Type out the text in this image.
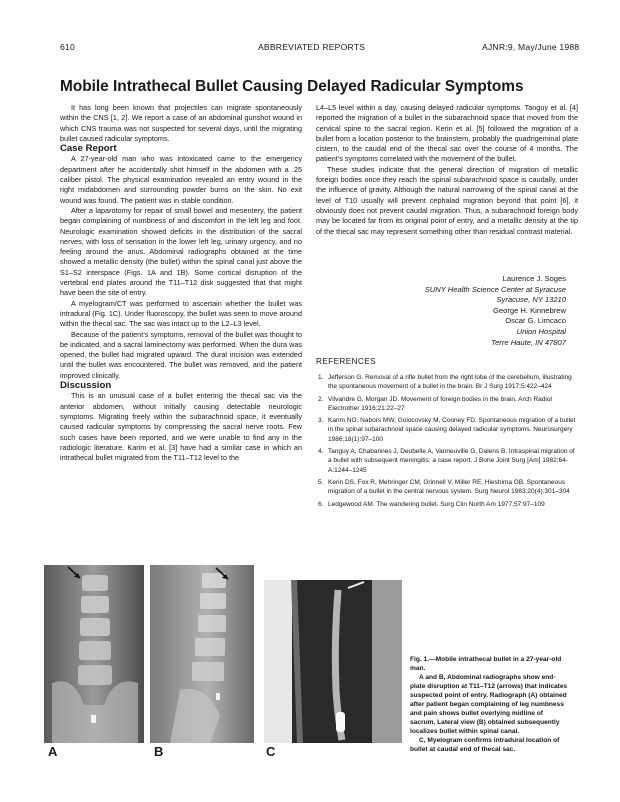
610	ABBREVIATED REPORTS	AJNR:9, May/June 1988
Mobile Intrathecal Bullet Causing Delayed Radicular Symptoms

It has long been known that projectiles can migrate spontaneously within the CNS [1, 2]. We report a case of an abdominal gunshot wound in which CNS trauma was not suspected for several days, until the migrating bullet caused radicular symptoms.

Case Report

A 27-year-old man who was intoxicated came to the emergency department after he accidentally shot himself in the abdomen with a .25 caliber pistol. The physical examination revealed an entry wound in the right midabdomen and surrounding powder burns on the skin. No exit wound was found. The patient was in stable condition.

After a laparotomy for repair of small bowel and mesentery, the patient began complaining of numbness of and discomfort in the left leg and foot. Neurologic examination showed deficits in the distribution of the sacral nerves, with loss of sensation in the lower left leg, urinary urgency, and no feeling around the anus. Abdominal radiographs obtained at the time showed a metallic density (the bullet) within the spinal canal just above the S1–S2 interspace (Figs. 1A and 1B). Some cortical disruption of the vertebral end plates around the T11–T12 disk suggested that that might have been the site of entry.

A myelogram/CT was performed to ascertain whether the bullet was intradural (Fig. 1C). Under fluoroscopy, the bullet was seen to move around within the thecal sac. The sac was intact up to the L2–L3 level.

Because of the patient’s symptoms, removal of the bullet was thought to be indicated, and a sacral laminectomy was performed. When the dura was opened, the bullet had migrated upward. The dural incision was extended until the bullet was encountered. The bullet was removed, and the patient improved clinically.

Discussion

This is an unusual case of a bullet entering the thecal sac via the anterior abdomen, without initially causing detectable neurologic symptoms. Migrating freely within the subarachnoid space, it eventually caused radicular symptoms by compressing the sacral nerve roots. Few such cases have been reported, and we were unable to find any in the radiologic literature. Karim et al. [3] have had a similar case in which an intrathecal bullet migrated from the T11–T12 level to the

L4–L5 level within a day, causing delayed radicular symptoms. Tanguy et al. [4] reported the migration of a bullet in the subarachnoid space that moved from the cervical spine to the sacral region. Kerin et al. [5] followed the migration of a bullet from a location posterior to the brainstem, probably the quadrigeminal plate cistern, to the caudal end of the thecal sac over the course of 4 months. The patient’s symptoms correlated with the movement of the bullet.

These studies indicate that the general direction of migration of metallic foreign bodies once they reach the spinal subarachnoid space is caudally, under the influence of gravity. Although the natural narrowing of the spinal canal at the level of T10 usually will prevent cephalad migration beyond that point [6], it obviously does not prevent caudal migration. Thus, a subarachnoid foreign body may be located far from its original point of entry, and a metallic density at the tip of the thecal sac may represent something other than residual contrast material.

Laurence J. Soges
SUNY Health Science Center at Syracuse
Syracuse, NY 13210
George H. Kinnebrew
Oscar G. Limcaco
Union Hospital
Terre Haute, IN 47807
REFERENCES
1. Jefferson G. Removal of a rifle bullet from the right lobe of the cerebellum, illustrating the spontaneous movement of a bullet in the brain. Br J Surg 1917;5:422–424
2. Vilvandre G, Morgan JD. Movement of foreign bodies in the brain. Arch Radiol Electrother 1916;21:22–27
3. Karim NO, Nabors MW, Golocovsky M, Cooney FD. Spontaneous migration of a bullet in the spinal subarachnoid space causing delayed radicular symptoms. Neurosurgery 1986;18(1):97–100
4. Tanguy A, Chabannes J, Deubelle A, Vanneuville G, Dalens B. Intraspinal migration of a bullet with subsequent meningitis: a case report. J Bone Joint Surg [Am] 1982;64-A:1244–1245
5. Kerin DS, Fox R, Mehringer CM, Grinnell V, Miller RE, Hieshima GB. Spontaneous migration of a bullet in the central nervous system. Surg Neurol 1983;20(4):301–304
6. Ledgewood AM. The wandering bullet. Surg Clin North Am 1977;57:97–109
A	B	C

Fig. 1.—Mobile intrathecal bullet in a 27-year-old man.

A and B, Abdominal radiographs show end-plate disruption at T11–T12 (arrows) that indicates suspected point of entry. Radiograph (A) obtained after patient began complaining of leg numbness and pain shows bullet overlying midline of sacrum. Lateral view (B) obtained subsequently localizes bullet within spinal canal.

C, Myelogram confirms intradural location of bullet at caudal end of thecal sac.
